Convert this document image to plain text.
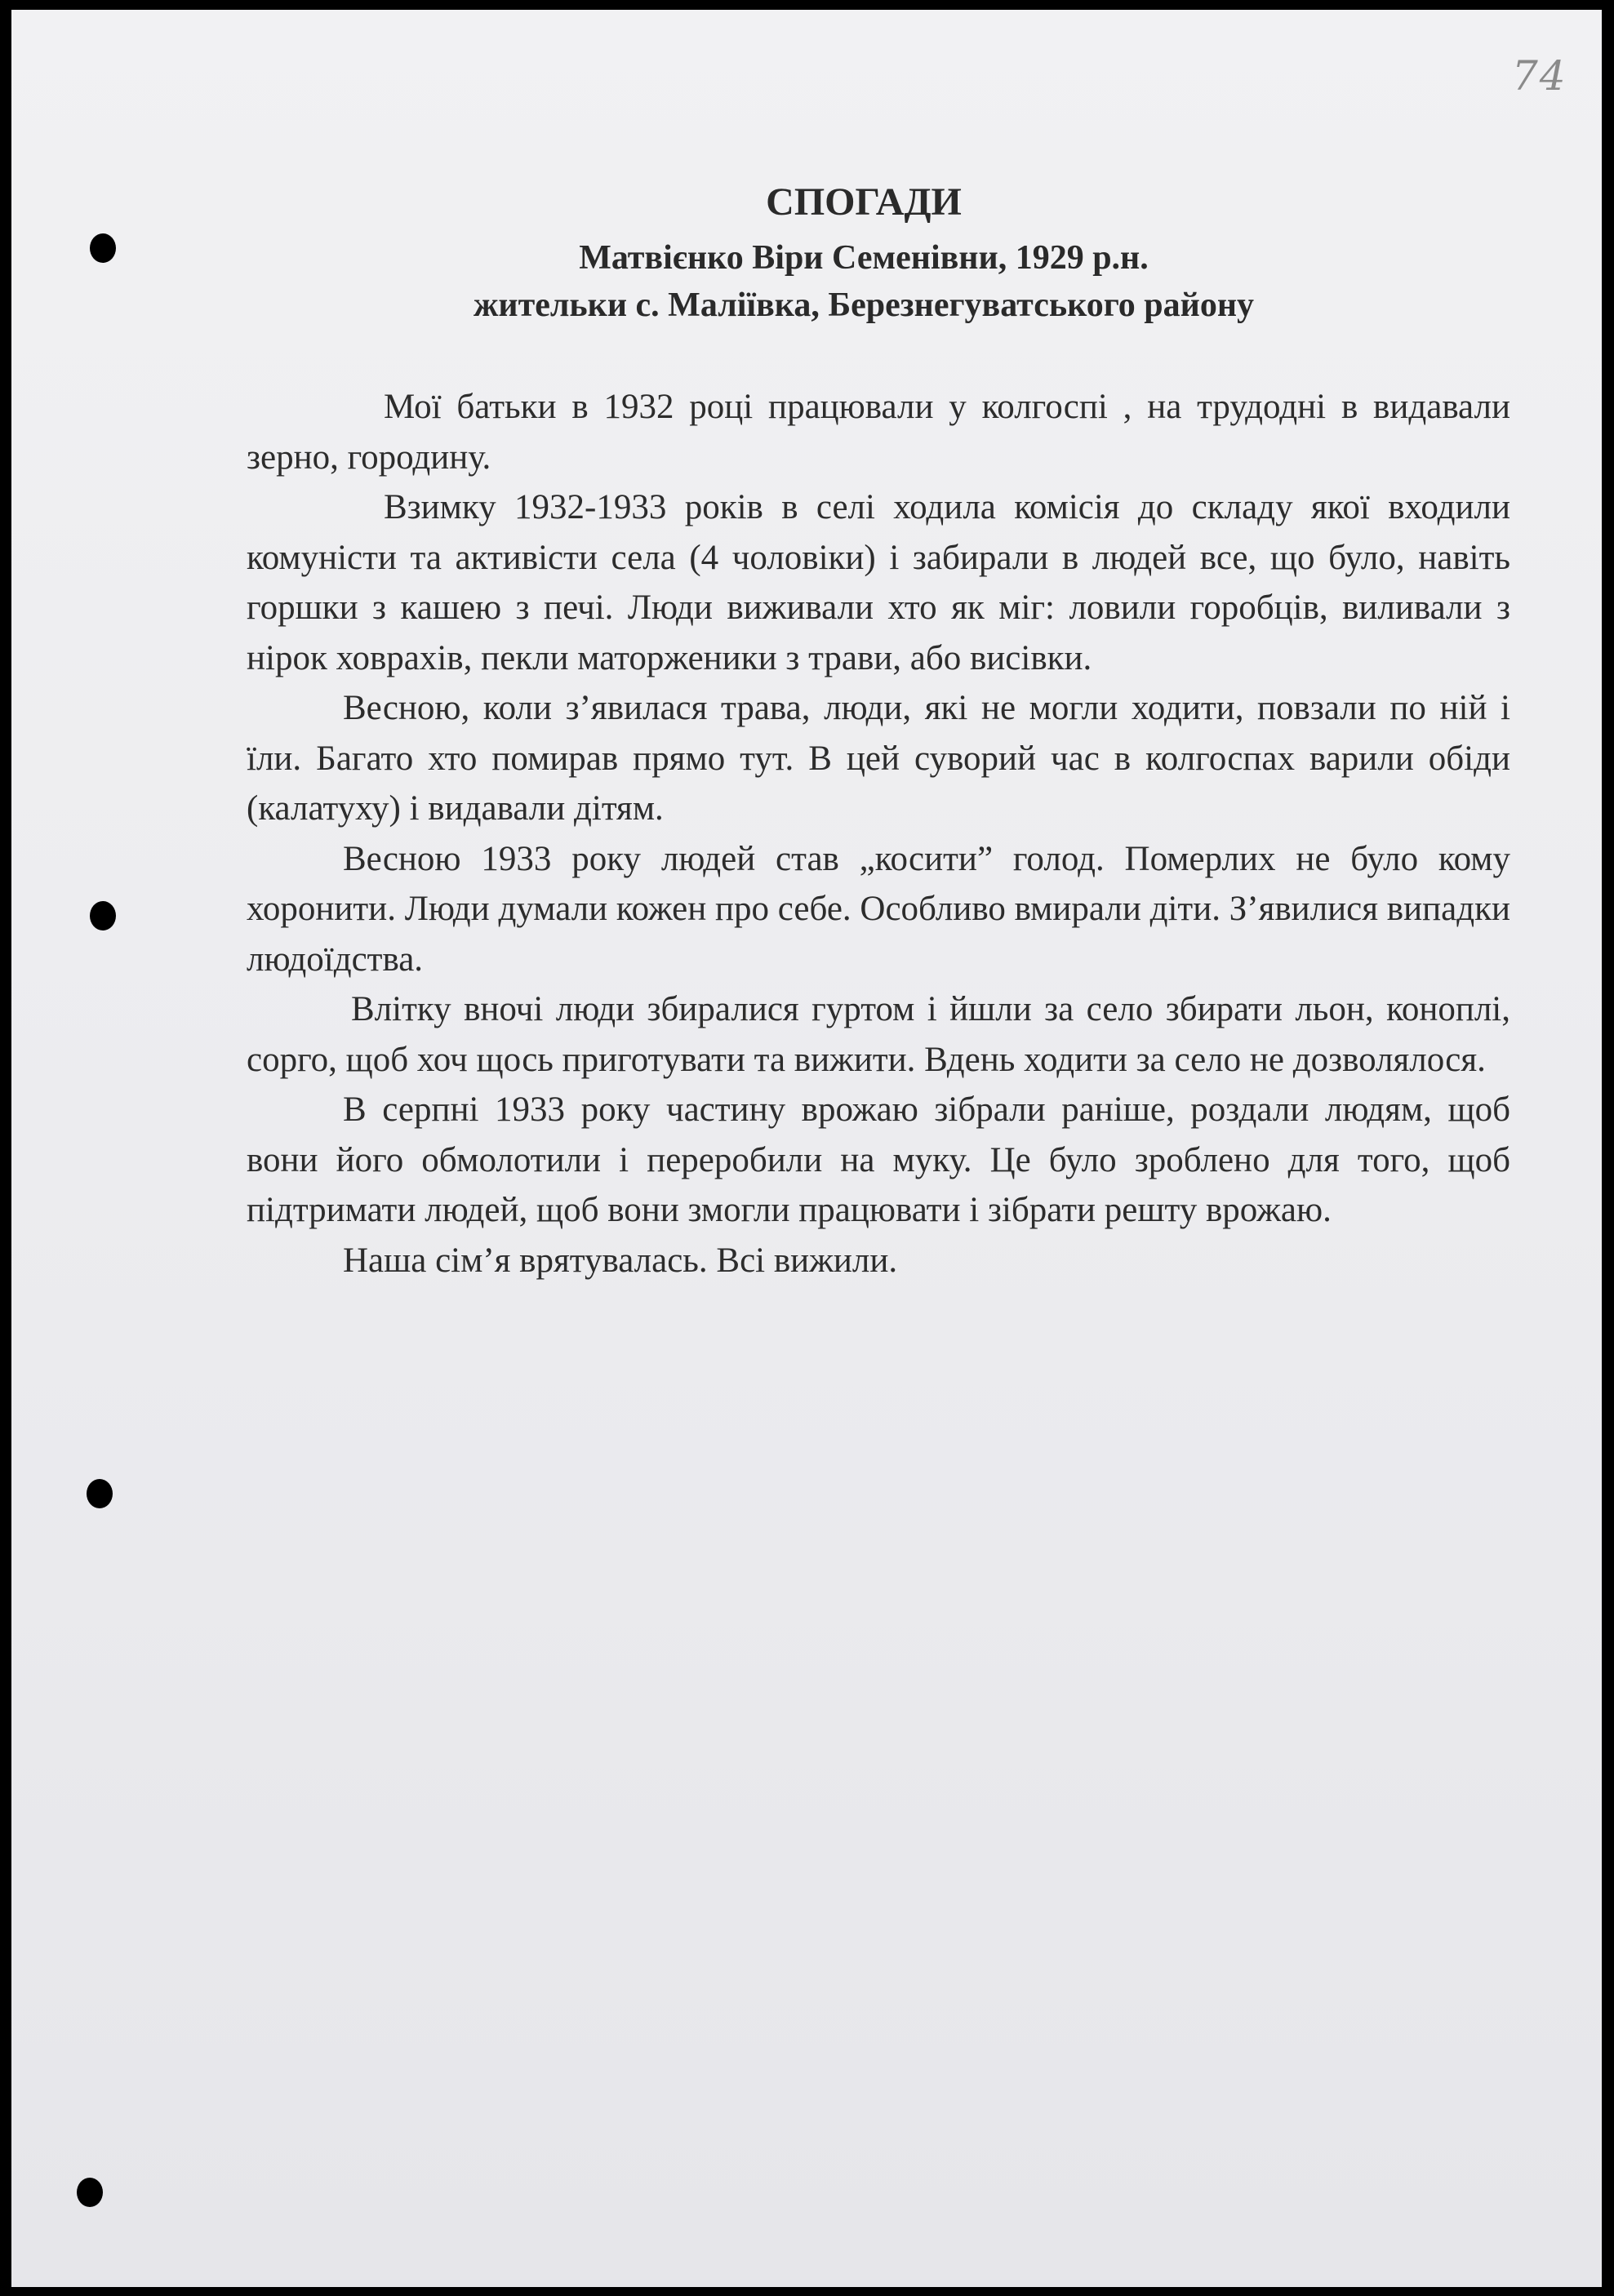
74
СПОГАДИ
Матвієнко Віри Семенівни, 1929 р.н.
жительки с. Маліївка, Березнегуватського району

Мої батьки в 1932 році працювали у колгоспі , на трудодні в видавали зерно, городину.

Взимку 1932-1933 років в селі ходила комісія до складу якої входили комуністи та активісти села (4 чоловіки) і забирали в людей все, що було, навіть горшки з кашею з печі. Люди виживали хто як міг: ловили горобців, виливали з нірок ховрахів, пекли маторженики з трави, або висівки.

Весною, коли з’явилася трава, люди, які не могли ходити, повзали по ній і їли. Багато хто помирав прямо тут. В цей суворий час в колгоспах варили обіди (калатуху) і видавали дітям.

Весною 1933 року людей став „косити” голод. Померлих не було кому хоронити. Люди думали кожен про себе. Особливо вмирали діти. З’явилися випадки людоїдства.

Влітку вночі люди збиралися гуртом і йшли за село збирати льон, коноплі, сорго, щоб хоч щось приготувати та вижити. Вдень ходити за село не дозволялося.

В серпні 1933 року частину врожаю зібрали раніше, роздали людям, щоб вони його обмолотили і переробили на муку. Це було зроблено для того, щоб підтримати людей, щоб вони змогли працювати і зібрати решту врожаю.

Наша сім’я врятувалась. Всі вижили.
